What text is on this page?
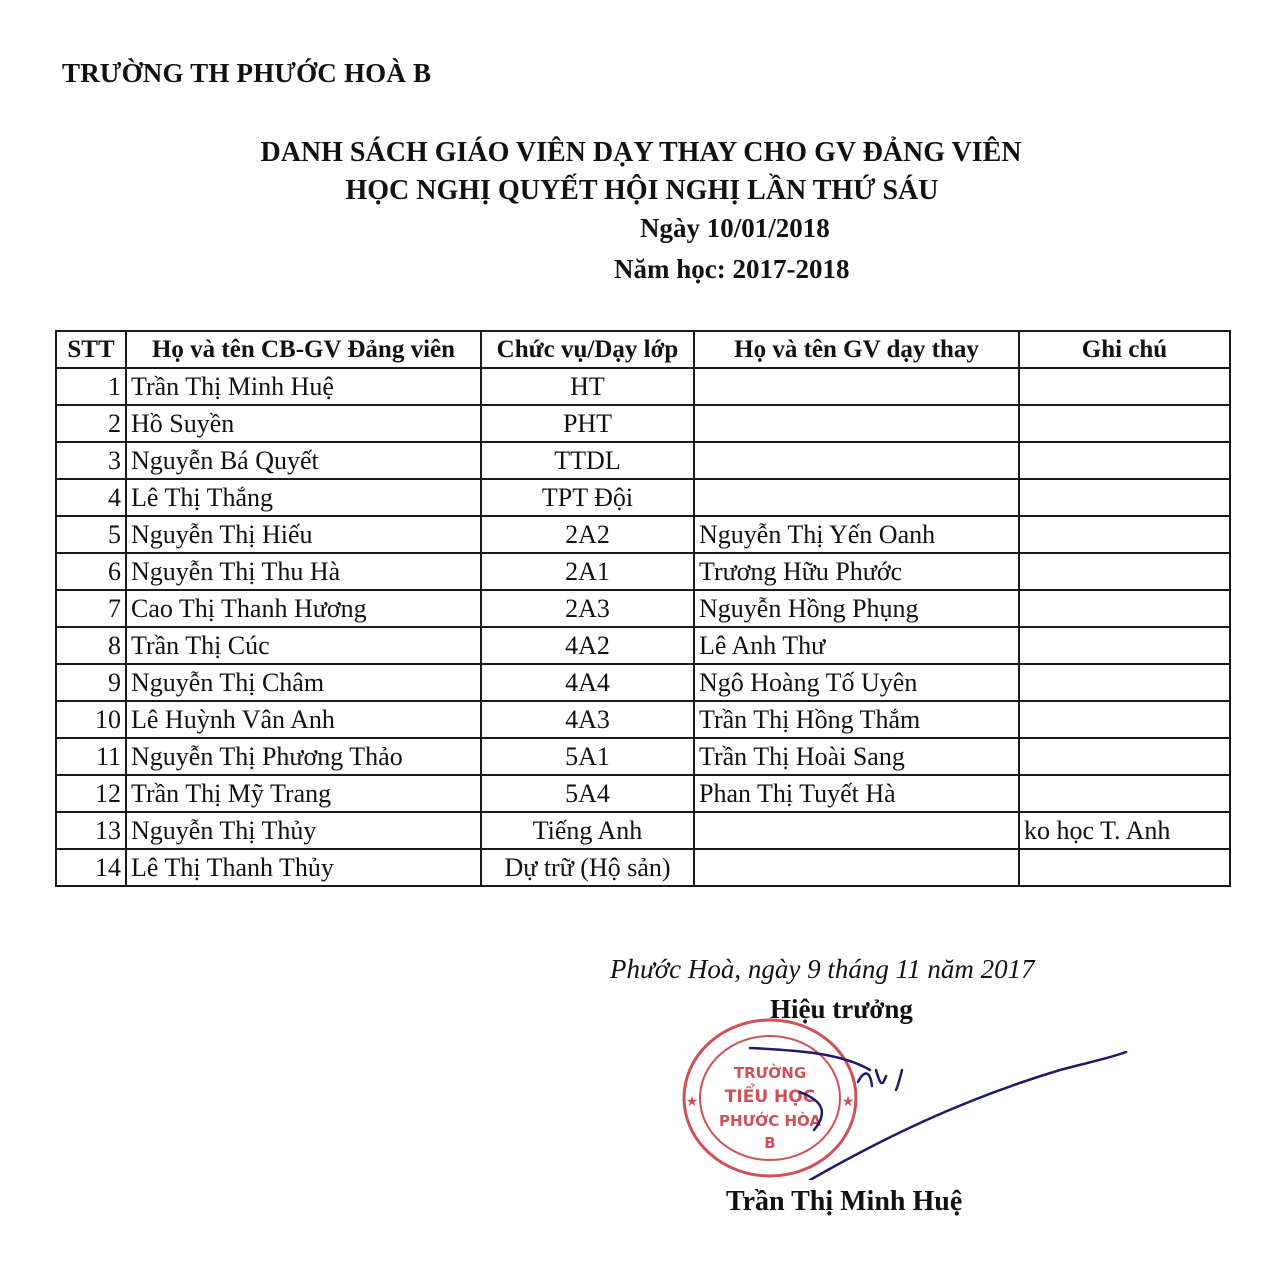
TRƯỜNG TH PHƯỚC HOÀ B
DANH SÁCH GIÁO VIÊN DẠY THAY CHO GV ĐẢNG VIÊN
HỌC NGHỊ QUYẾT HỘI NGHỊ LẦN THỨ SÁU
Ngày 10/01/2018
Năm học: 2017-2018
STT	Họ và tên CB-GV Đảng viên	Chức vụ/Dạy lớp	Họ và tên GV dạy thay	Ghi chú
1	Trần Thị Minh Huệ	HT		
2	Hồ Suyền	PHT		
3	Nguyễn Bá Quyết	TTDL		
4	Lê Thị Thắng	TPT Đội		
5	Nguyễn Thị Hiếu	2A2	Nguyễn Thị Yến Oanh	
6	Nguyễn Thị Thu Hà	2A1	Trương Hữu Phước	
7	Cao Thị Thanh Hương	2A3	Nguyễn Hồng Phụng	
8	Trần Thị Cúc	4A2	Lê Anh Thư	
9	Nguyễn Thị Châm	4A4	Ngô Hoàng Tố Uyên	
10	Lê Huỳnh Vân Anh	4A3	Trần Thị Hồng Thắm	
11	Nguyễn Thị Phương Thảo	5A1	Trần Thị Hoài Sang	
12	Trần Thị Mỹ Trang	5A4	Phan Thị Tuyết Hà	
13	Nguyễn Thị Thủy	Tiếng Anh		ko học T. Anh
14	Lê Thị Thanh Thủy	Dự trữ (Hộ sản)		
Phước Hoà, ngày 9 tháng 11 năm 2017
Hiệu trưởng
TRƯỜNG
TIỂU HỌC
PHƯỚC HÒA
B
★	★
Trần Thị Minh Huệ
